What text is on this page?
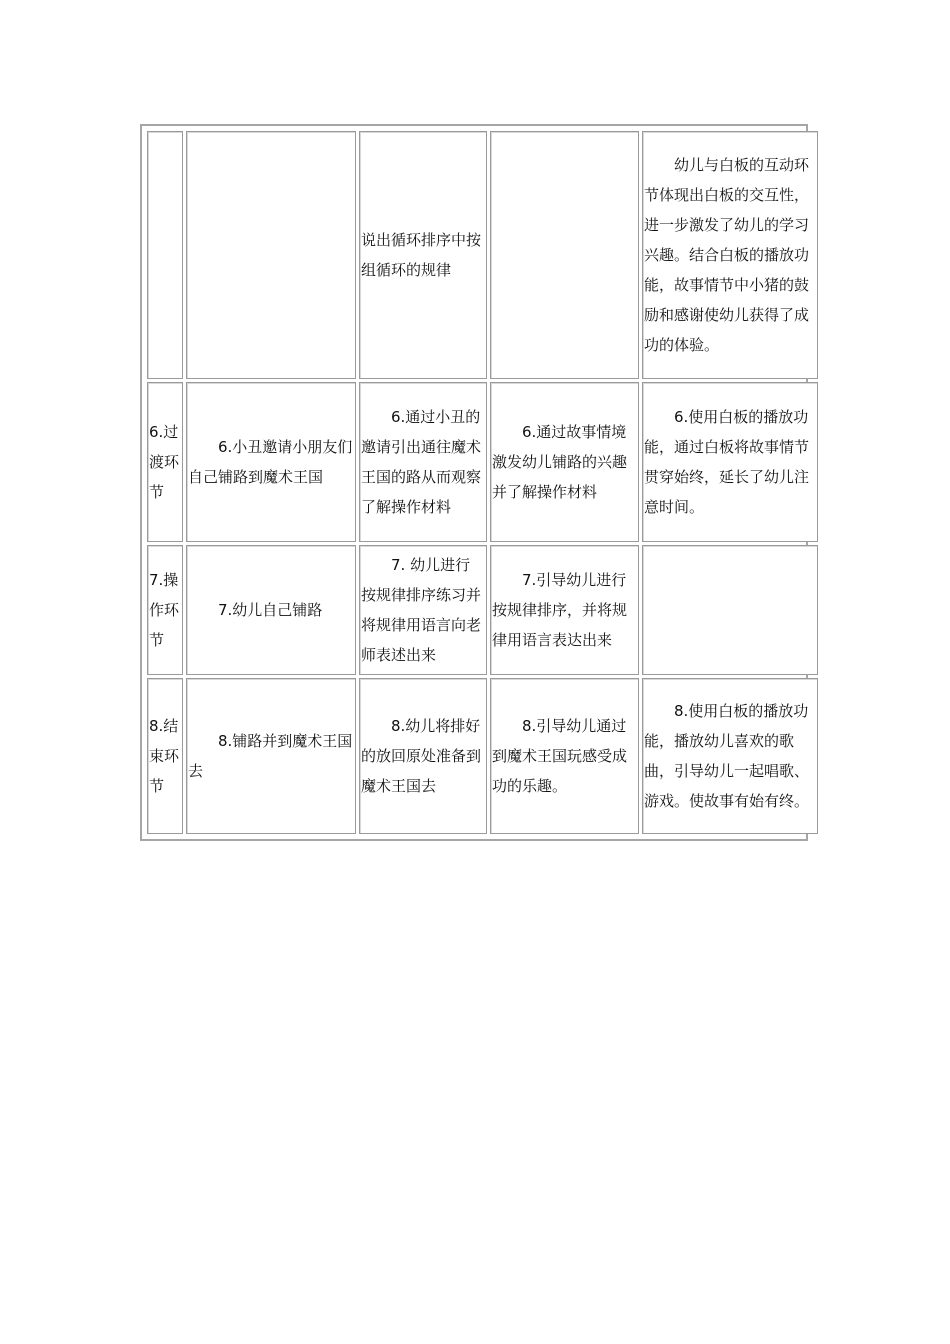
		说出循环排序中按组循环的规律		幼儿与白板的互动环节体现出白板的交互性，进一步激发了幼儿的学习兴趣。结合白板的播放功能，故事情节中小猪的鼓励和感谢使幼儿获得了成功的体验。
6.过渡环节	6.小丑邀请小朋友们自己铺路到魔术王国	6.通过小丑的邀请引出通往魔术王国的路从而观察了解操作材料	6.通过故事情境激发幼儿铺路的兴趣并了解操作材料	6.使用白板的播放功能，通过白板将故事情节贯穿始终，延长了幼儿注意时间。
7.操作环节	7.幼儿自己铺路	7. 幼儿进行按规律排序练习并将规律用语言向老师表述出来	7.引导幼儿进行按规律排序，并将规律用语言表达出来	
8.结束环节	8.铺路并到魔术王国去	8.幼儿将排好的放回原处准备到魔术王国去	8.引导幼儿通过到魔术王国玩感受成功的乐趣。	8.使用白板的播放功能，播放幼儿喜欢的歌曲，引导幼儿一起唱歌、游戏。使故事有始有终。
